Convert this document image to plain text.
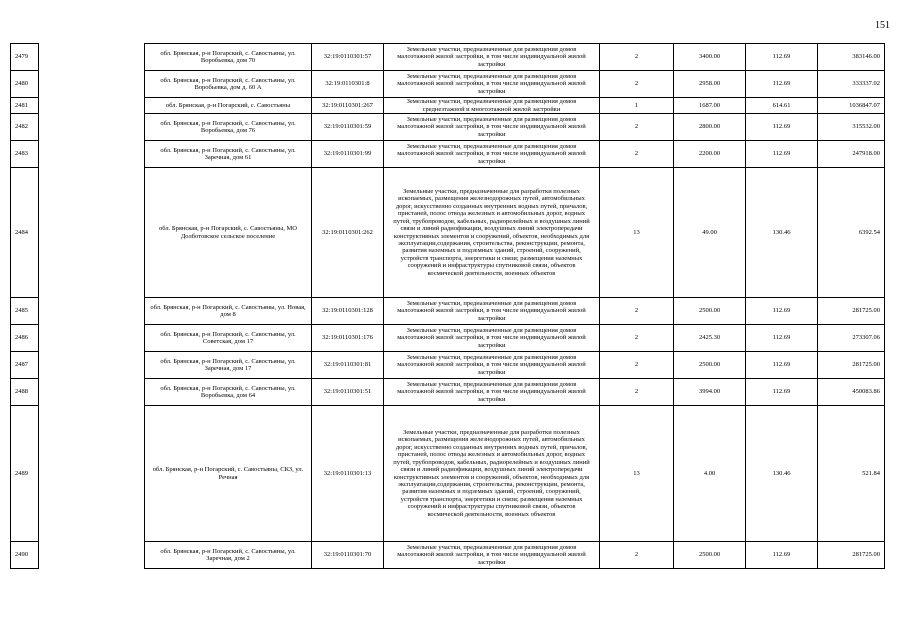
151
2479		обл. Брянская, р-н Погарский, с. Савостьяны, ул. Воробьевка, дом 70	32:19:0110301:57	Земельные участки, предназначенные для размещения домов малоэтажной жилой застройки, в том числе индивидуальной жилой застройки	2	3400.00	112.69	383146.00
2480		обл. Брянская, р-н Погарский, с. Савостьяны, ул. Воробьевка, дом д. 60 А	32:19:0110301:8	Земельные участки, предназначенные для размещения домов малоэтажной жилой застройки, в том числе индивидуальной жилой застройки	2	2958.00	112.69	333337.02
2481		обл. Брянская, р-н Погарский, с. Савостьяны	32:19:0110301:267	Земельные участки, предназначенные для размещения домов среднеэтажной и многоэтажной жилой застройки	1	1687.00	614.61	1036847.07
2482		обл. Брянская, р-н Погарский, с. Савостьяны, ул. Воробьевка, дом 76	32:19:0110301:59	Земельные участки, предназначенные для размещения домов малоэтажной жилой застройки, в том числе индивидуальной жилой застройки	2	2800.00	112.69	315532.00
2483		обл. Брянская, р-н Погарский, с. Савостьяны, ул. Заречная, дом 61	32:19:0110301:99	Земельные участки, предназначенные для размещения домов малоэтажной жилой застройки, в том числе индивидуальной жилой застройки	2	2200.00	112.69	247918.00
2484		обл. Брянская, р-н Погарский, с. Савостьяны, МО Долботовское сельское поселение	32:19:0110301:262	Земельные участки, предназначенные для разработки полезных ископаемых, размещения железнодорожных путей, автомобильных дорог, искусственно созданных внутренних водных путей, причалов, пристаней, полос отвода железных и автомобильных дорог, водных путей, трубопроводов, кабельных, радиорелейных и воздушных линий связи и линий радиофикации, воздушных линий электропередачи конструктивных элементов и сооружений, объектов, необходимых для эксплуатации,содержания, строительства, реконструкции, ремонта, развития наземных и подземных зданий, строений, сооружений, устройств транспорта, энергетики и связи; размещения наземных сооружений и инфраструктуры спутниковой связи, объектов космической деятельности, военных объектов	13	49.00	130.46	6392.54
2485		обл. Брянская, р-н Погарский, с. Савостьяны, ул. Новая, дом 8	32:19:0110301:128	Земельные участки, предназначенные для размещения домов малоэтажной жилой застройки, в том числе индивидуальной жилой застройки	2	2500.00	112.69	281725.00
2486		обл. Брянская, р-н Погарский, с. Савостьяны, ул. Советская, дом 17	32:19:0110301:176	Земельные участки, предназначенные для размещения домов малоэтажной жилой застройки, в том числе индивидуальной жилой застройки	2	2425.30	112.69	273307.06
2487		обл. Брянская, р-н Погарский, с. Савостьяны, ул. Заречная, дом 17	32:19:0110301:81	Земельные участки, предназначенные для размещения домов малоэтажной жилой застройки, в том числе индивидуальной жилой застройки	2	2500.00	112.69	281725.00
2488		обл. Брянская, р-н Погарский, с. Савостьяны, ул. Воробьевка, дом 64	32:19:0110301:51	Земельные участки, предназначенные для размещения домов малоэтажной жилой застройки, в том числе индивидуальной жилой застройки	2	3994.00	112.69	450083.86
2489		обл. Брянская, р-н Погарский, с. Савостьяны, СКЗ, ул. Речная	32:19:0110301:13	Земельные участки, предназначенные для разработки полезных ископаемых, размещения железнодорожных путей, автомобильных дорог, искусственно созданных внутренних водных путей, причалов, пристаней, полос отвода железных и автомобильных дорог, водных путей, трубопроводов, кабельных, радиорелейных и воздушных линий связи и линий радиофикации, воздушных линий электропередачи конструктивных элементов и сооружений, объектов, необходимых для эксплуатации,содержания, строительства, реконструкции, ремонта, развития наземных и подземных зданий, строений, сооружений, устройств транспорта, энергетики и связи; размещения наземных сооружений и инфраструктуры спутниковой связи, объектов космической деятельности, военных объектов	13	4.00	130.46	521.84
2490		обл. Брянская, р-н Погарский, с. Савостьяны, ул. Заречная, дом 2	32:19:0110301:70	Земельные участки, предназначенные для размещения домов малоэтажной жилой застройки, в том числе индивидуальной жилой застройки	2	2500.00	112.69	281725.00
